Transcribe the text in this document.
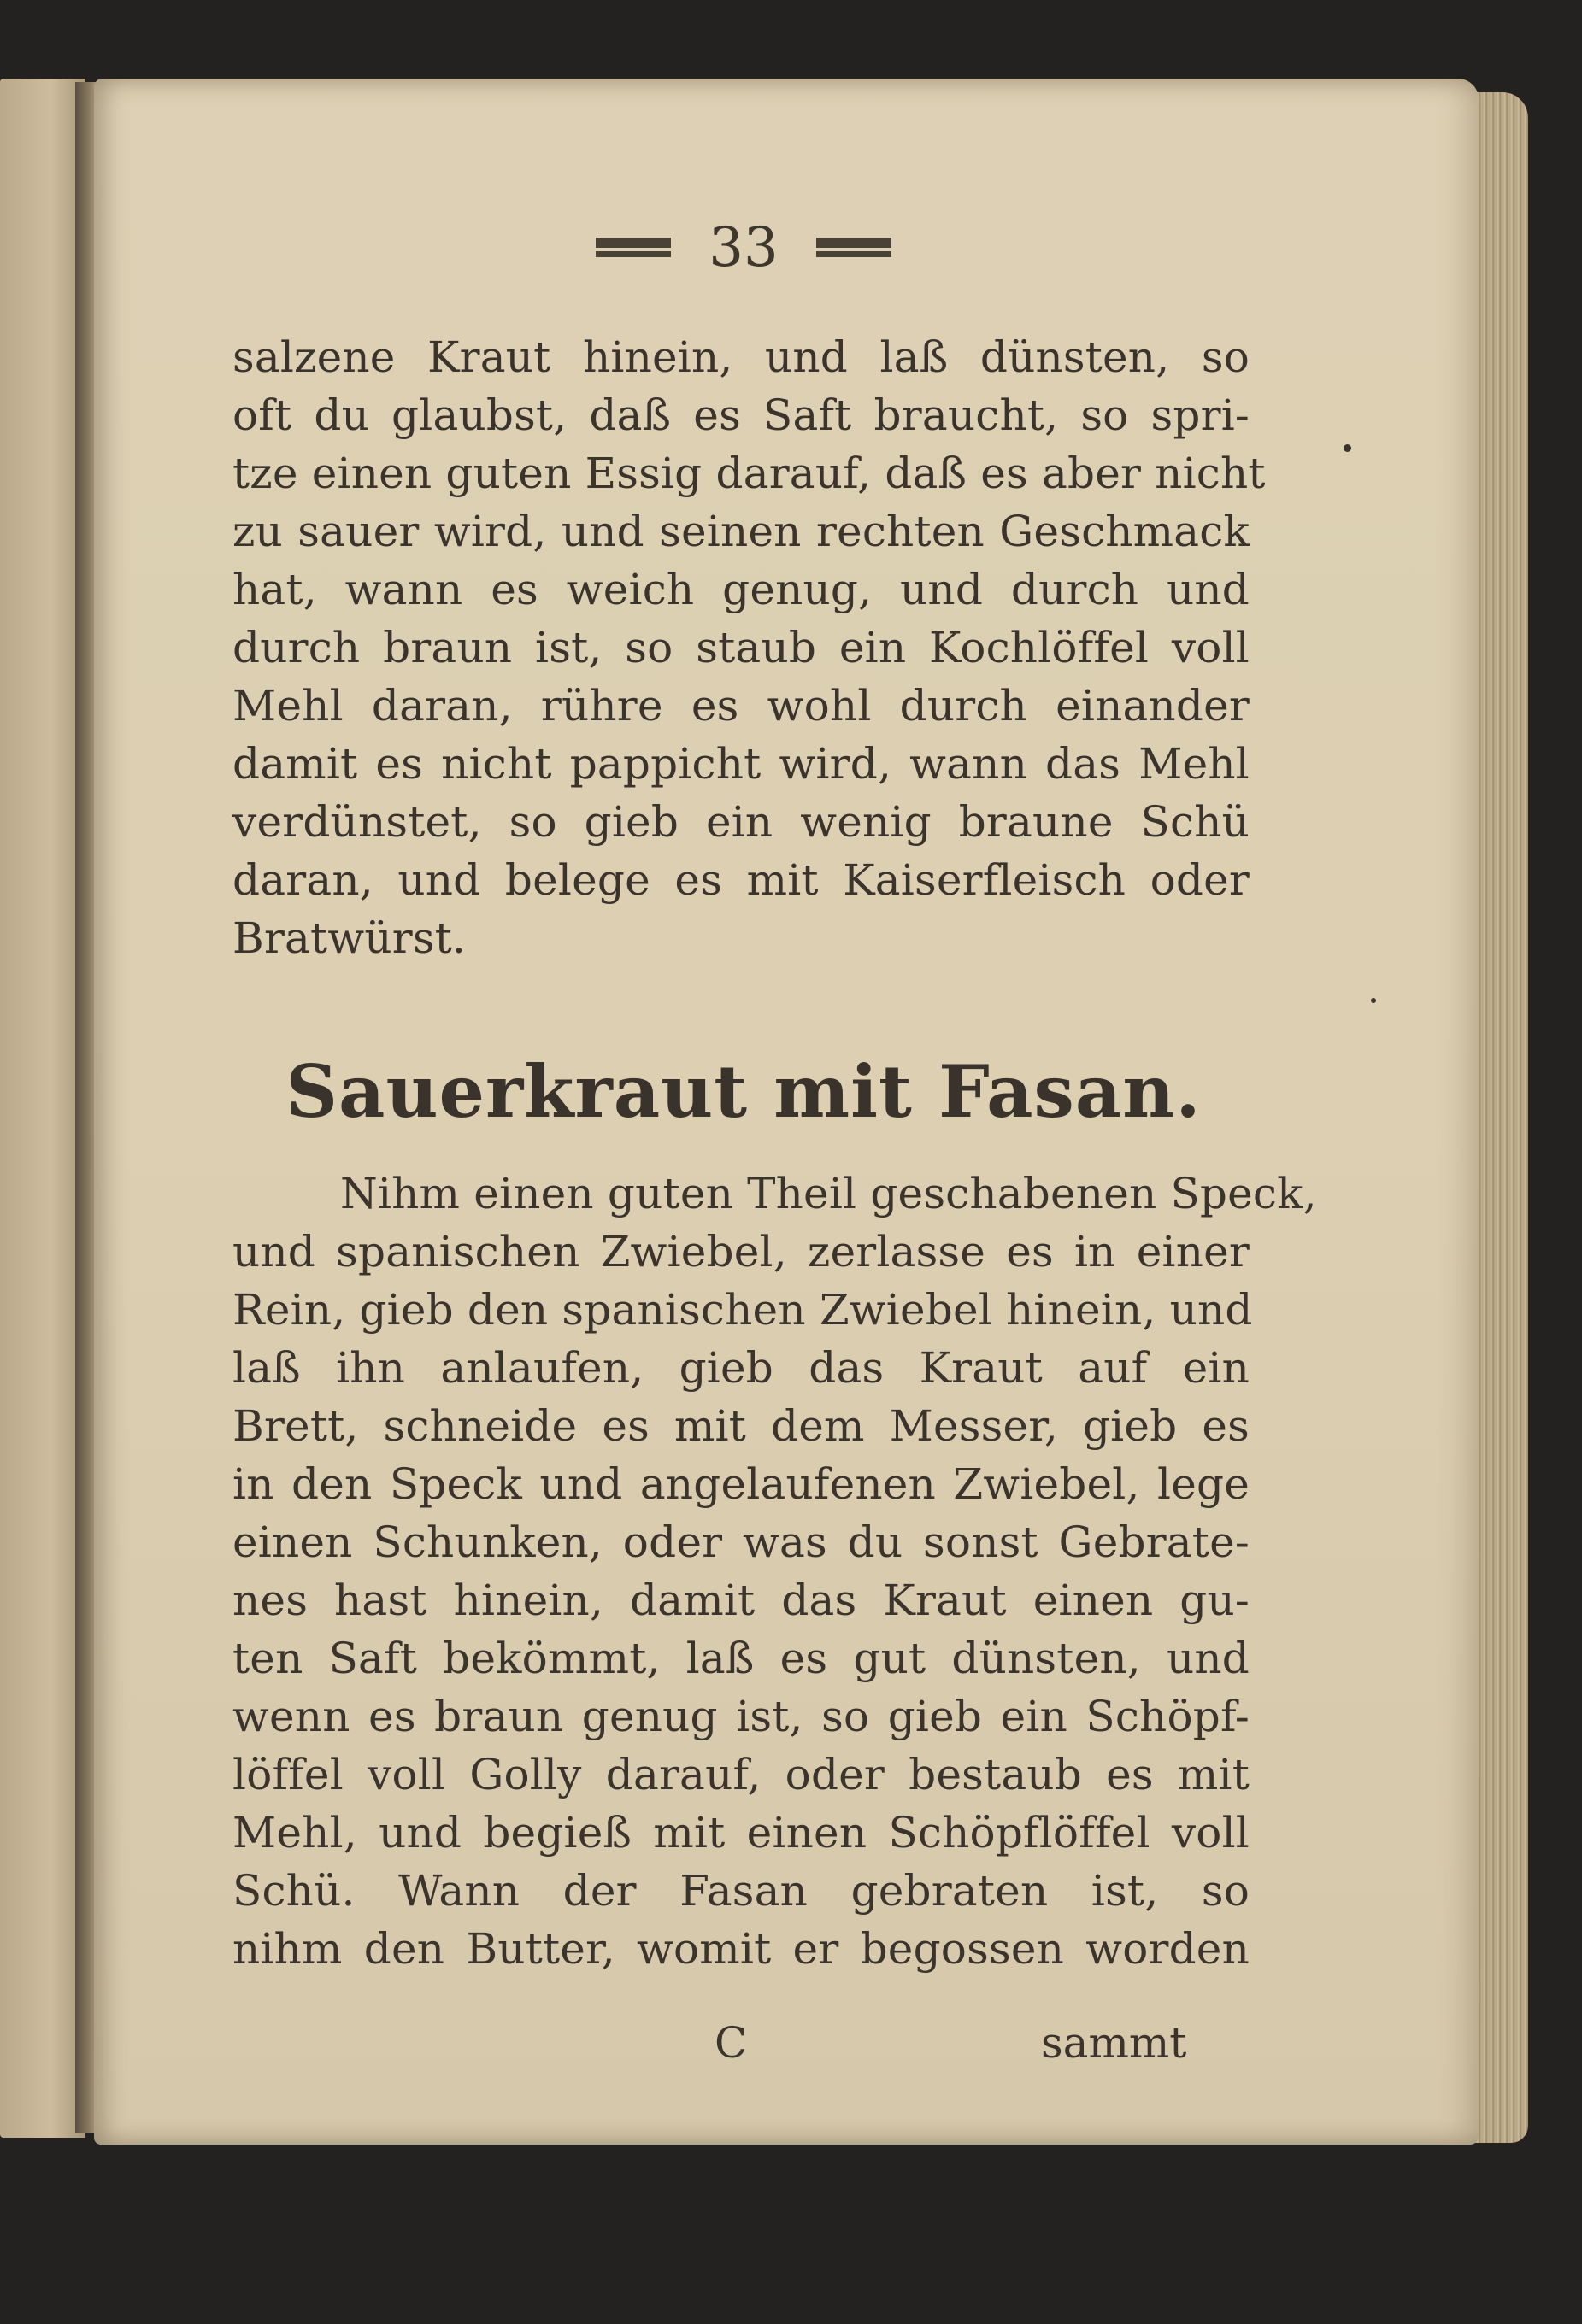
33
salzene Kraut hinein, und laß dünsten, so
oft du glaubst, daß es Saft braucht, so spri-
tze einen guten Essig darauf, daß es aber nicht
zu sauer wird, und seinen rechten Geschmack
hat, wann es weich genug, und durch und
durch braun ist, so staub ein Kochlöffel voll
Mehl daran, rühre es wohl durch einander
damit es nicht pappicht wird, wann das Mehl
verdünstet, so gieb ein wenig braune Schü
daran, und belege es mit Kaiserfleisch oder
Bratwürst.
Sauerkraut mit Fasan.
Nihm einen guten Theil geschabenen Speck,
und spanischen Zwiebel, zerlasse es in einer
Rein, gieb den spanischen Zwiebel hinein, und
laß ihn anlaufen, gieb das Kraut auf ein
Brett, schneide es mit dem Messer, gieb es
in den Speck und angelaufenen Zwiebel, lege
einen Schunken, oder was du sonst Gebrate-
nes hast hinein, damit das Kraut einen gu-
ten Saft bekömmt, laß es gut dünsten, und
wenn es braun genug ist, so gieb ein Schöpf-
löffel voll Golly darauf, oder bestaub es mit
Mehl, und begieß mit einen Schöpflöffel voll
Schü. Wann der Fasan gebraten ist, so
nihm den Butter, womit er begossen worden
C	sammt
